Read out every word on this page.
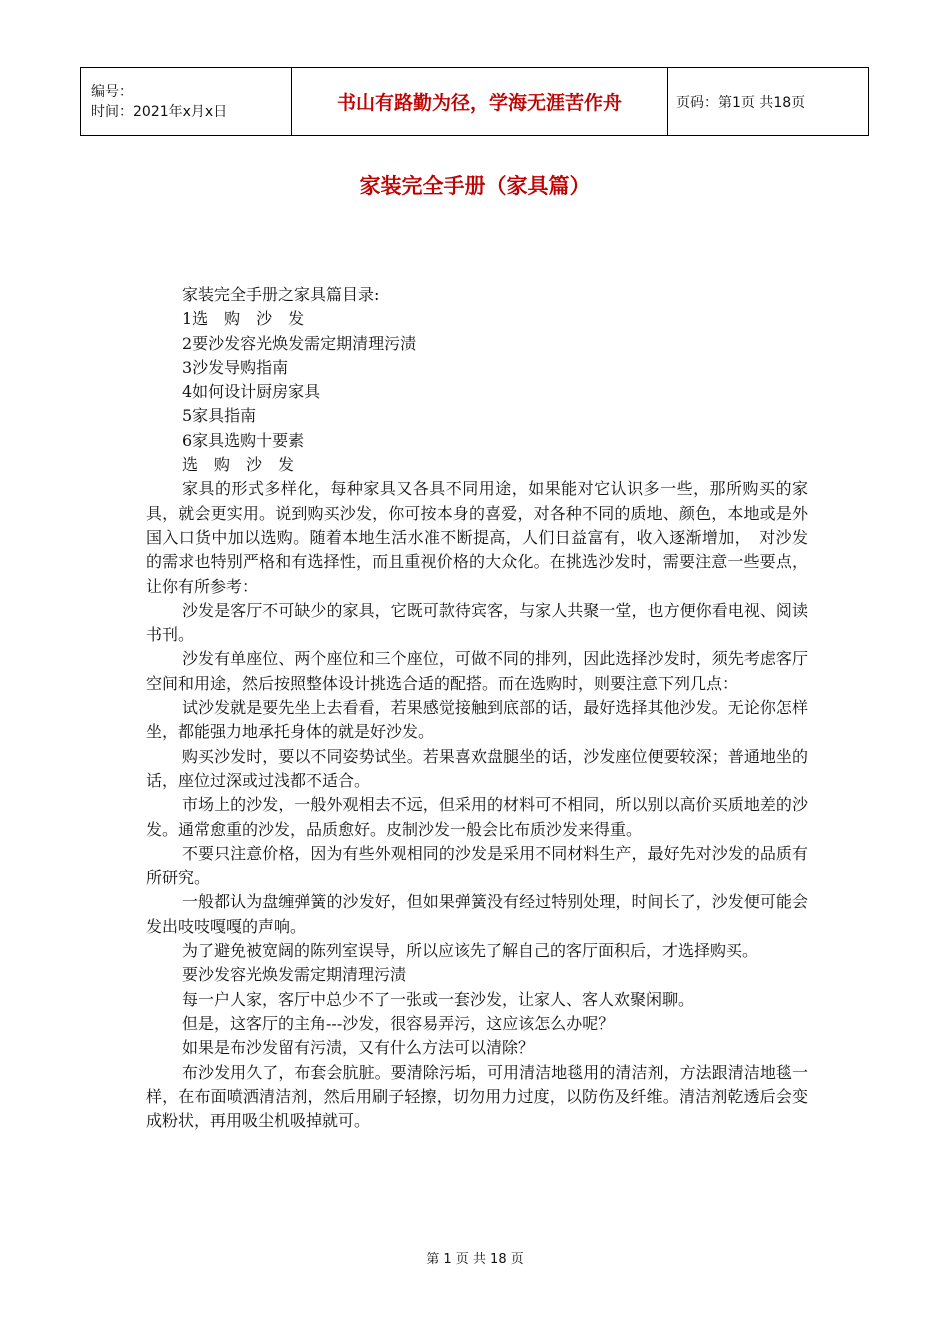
编号：
时间：2021年x月x日	书山有路勤为径，学海无涯苦作舟	页码：第1页 共18页
家装完全手册（家具篇）

家装完全手册之家具篇目录:

1选　购　沙　发

2要沙发容光焕发需定期清理污渍

3沙发导购指南

4如何设计厨房家具

5家具指南

6家具选购十要素

选　购　沙　发

家具的形式多样化，每种家具又各具不同用途，如果能对它认识多一些，那所购买的家具，就会更实用。说到购买沙发，你可按本身的喜爱，对各种不同的质地、颜色，本地或是外国入口货中加以选购。随着本地生活水准不断提高，人们日益富有，收入逐渐增加，　对沙发的需求也特别严格和有选择性，而且重视价格的大众化。在挑选沙发时，需要注意一些要点，让你有所参考：

沙发是客厅不可缺少的家具，它既可款待宾客，与家人共聚一堂，也方便你看电视、阅读书刊。

沙发有单座位、两个座位和三个座位，可做不同的排列，因此选择沙发时，须先考虑客厅空间和用途，然后按照整体设计挑选合适的配搭。而在选购时，则要注意下列几点：

试沙发就是要先坐上去看看，若果感觉接触到底部的话，最好选择其他沙发。无论你怎样坐，都能强力地承托身体的就是好沙发。

购买沙发时，要以不同姿势试坐。若果喜欢盘腿坐的话，沙发座位便要较深；普通地坐的话，座位过深或过浅都不适合。

市场上的沙发，一般外观相去不远，但采用的材料可不相同，所以别以高价买质地差的沙发。通常愈重的沙发，品质愈好。皮制沙发一般会比布质沙发来得重。

不要只注意价格，因为有些外观相同的沙发是采用不同材料生产，最好先对沙发的品质有所研究。

一般都认为盘缠弹簧的沙发好，但如果弹簧没有经过特别处理，时间长了，沙发便可能会发出吱吱嘎嘎的声响。

为了避免被宽阔的陈列室误导，所以应该先了解自己的客厅面积后，才选择购买。

要沙发容光焕发需定期清理污渍

每一户人家，客厅中总少不了一张或一套沙发，让家人、客人欢聚闲聊。

但是，这客厅的主角---沙发，很容易弄污，这应该怎么办呢？

如果是布沙发留有污渍，又有什么方法可以清除？

布沙发用久了，布套会肮脏。要清除污垢，可用清洁地毯用的清洁剂，方法跟清洁地毯一样，在布面喷洒清洁剂，然后用刷子轻擦，切勿用力过度，以防伤及纤维。清洁剂乾透后会变成粉状，再用吸尘机吸掉就可。

第 1 页 共 18 页
